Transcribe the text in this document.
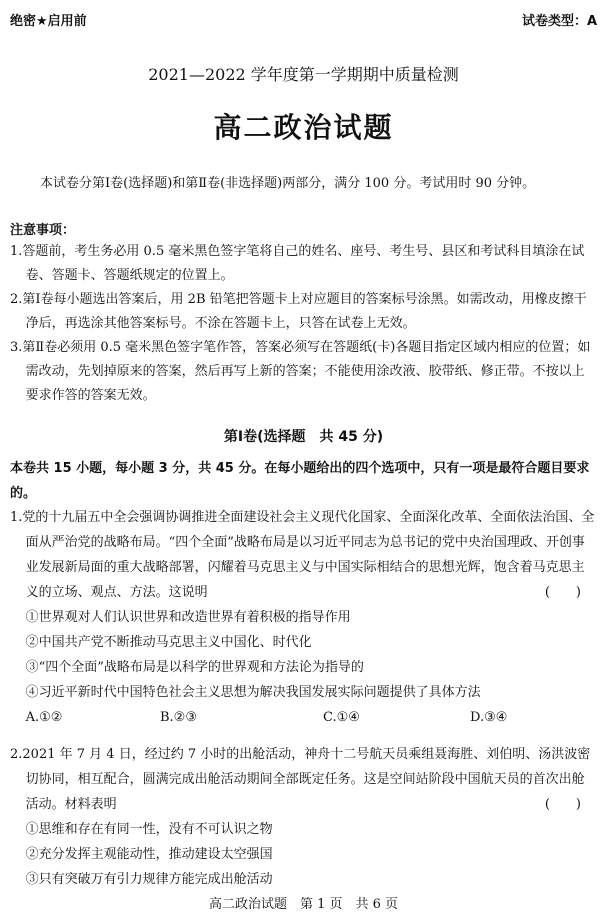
绝密★启用前	试卷类型：A
2021—2022 学年度第一学期期中质量检测
高二政治试题
本试卷分第Ⅰ卷(选择题)和第Ⅱ卷(非选择题)两部分，满分 100 分。考试用时 90 分钟。
注意事项：

1.答题前，考生务必用 0.5 毫米黑色签字笔将自己的姓名、座号、考生号、县区和考试科目填涂在试卷、答题卡、答题纸规定的位置上。

2.第Ⅰ卷每小题选出答案后，用 2B 铅笔把答题卡上对应题目的答案标号涂黑。如需改动，用橡皮擦干净后，再选涂其他答案标号。不涂在答题卡上，只答在试卷上无效。

3.第Ⅱ卷必须用 0.5 毫米黑色签字笔作答，答案必须写在答题纸(卡)各题目指定区域内相应的位置；如需改动，先划掉原来的答案，然后再写上新的答案；不能使用涂改液、胶带纸、修正带。不按以上要求作答的答案无效。

第Ⅰ卷(选择题　共 45 分)
本卷共 15 小题，每小题 3 分，共 45 分。在每小题给出的四个选项中，只有一项是最符合题目要求的。

1.党的十九届五中全会强调协调推进全面建设社会主义现代化国家、全面深化改革、全面依法治国、全面从严治党的战略布局。“四个全面”战略布局是以习近平同志为总书记的党中央治国理政、开创事业发展新局面的重大战略部署，闪耀着马克思主义与中国实际相结合的思想光辉，饱含着马克思主义的立场、观点、方法。这说明	(　　)

①世界观对人们认识世界和改造世界有着积极的指导作用

②中国共产党不断推动马克思主义中国化、时代化

③“四个全面”战略布局是以科学的世界观和方法论为指导的

④习近平新时代中国特色社会主义思想为解决我国发展实际问题提供了具体方法

A.①②	B.②③	C.①④	D.③④

2.2021 年 7 月 4 日，经过约 7 小时的出舱活动，神舟十二号航天员乘组聂海胜、刘伯明、汤洪波密切协同，相互配合，圆满完成出舱活动期间全部既定任务。这是空间站阶段中国航天员的首次出舱活动。材料表明	(　　)

①思维和存在有同一性，没有不可认识之物

②充分发挥主观能动性，推动建设太空强国

③只有突破万有引力规律方能完成出舱活动

高二政治试题　第 1 页　共 6 页
